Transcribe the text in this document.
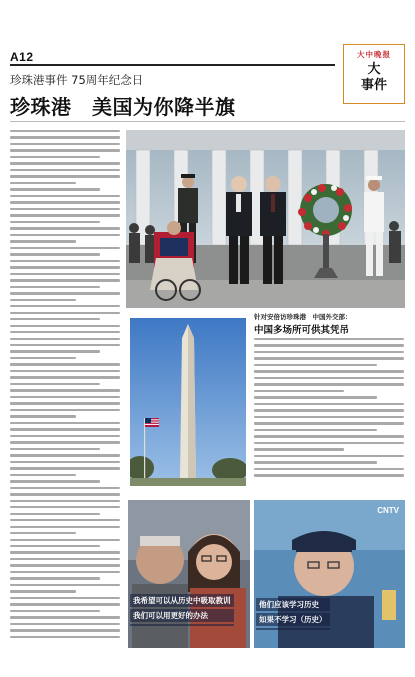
A12	大中晚报
大
事件
珍珠港事件 75周年纪念日
珍珠港　美国为你降半旗
针对安倍访珍珠港　中国外交部：
中国多场所可供其凭吊
我希望可以从历史中吸取教训
我们可以用更好的办法
CNTV
他们应该学习历史
如果不学习（历史）
